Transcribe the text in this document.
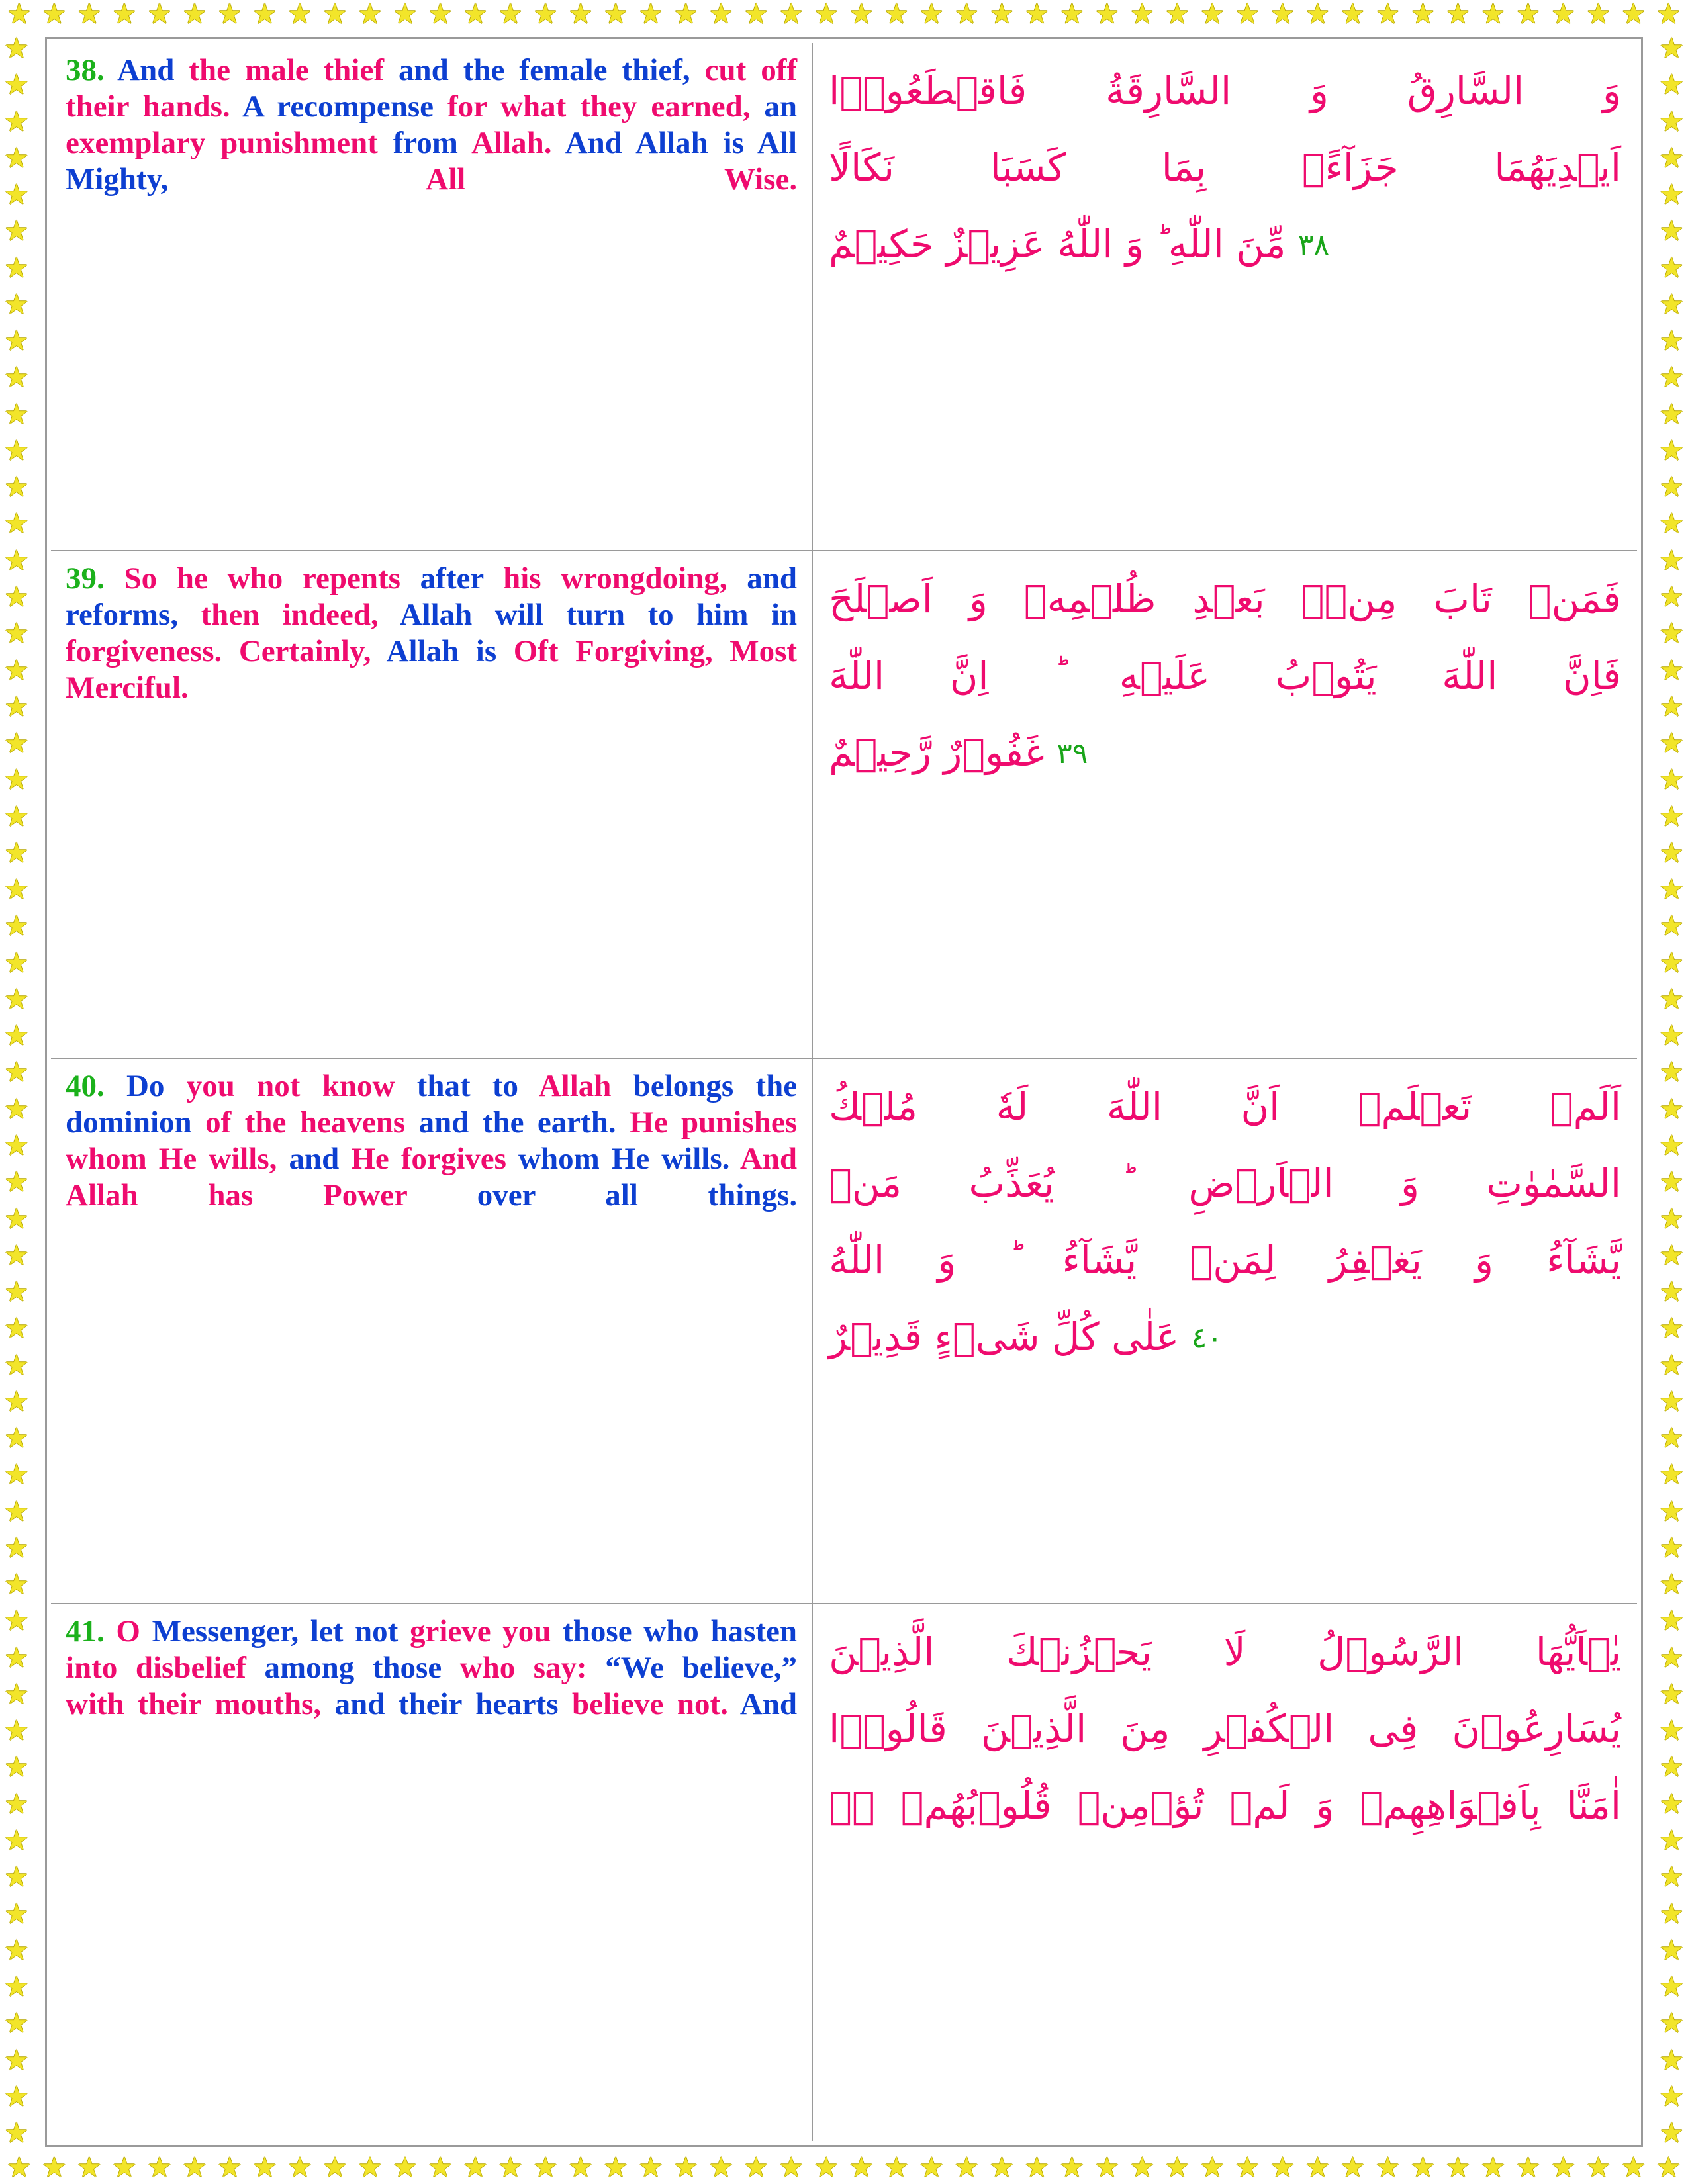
★ ★ ★ ★ ★ ★ ★ ★ ★ ★ ★ ★ ★ ★ ★ ★ ★ ★ ★ ★ ★ ★ ★ ★ ★ ★ ★ ★ ★ ★ ★ ★ ★ ★ ★ ★ ★ ★ ★ ★ ★ ★ ★ ★ ★ ★ ★ ★
★ ★ ★ ★ ★ ★ ★ ★ ★ ★ ★ ★ ★ ★ ★ ★ ★ ★ ★ ★ ★ ★ ★ ★ ★ ★ ★ ★ ★ ★ ★ ★ ★ ★ ★ ★ ★ ★ ★ ★ ★ ★ ★ ★ ★ ★ ★ ★
★
★
★
★
★
★
★
★
★
★
★
★
★
★
★
★
★
★
★
★
★
★
★
★
★
★
★
★
★
★
★
★
★
★
★
★
★
★
★
★
★
★
★
★
★
★
★
★
★
★
★
★
★
★
★
★
★
★
★
★
★
★
★
★
★
★
★
★
★
★
★
★
★
★
★
★
★
★
★
★
★
★
★
★
★
★
★
★
★
★
★
★
★
★
★
★
★
★
★
★
★
★
★
★
★
★
★
★
★
★
★
★
★
★
★
★
38. And the male thief and the female thief, cut off their hands. A recompense for what they earned, an exemplary punishment from Allah. And Allah is All Mighty, All Wise.	وَ السَّارِقُ وَ السَّارِقَةُ فَاقۡطَعُوۡۤا
اَیۡدِیَهُمَا جَزَآءًۢ بِمَا كَسَبَا نَكَالًا
٣٨ مِّنَ اللّٰهِ ؕ وَ اللّٰهُ عَزِیۡزٌ حَكِیۡمٌ

39. So he who repents after his wrongdoing, and reforms, then indeed, Allah will turn to him in forgiveness. Certainly, Allah is Oft Forgiving, Most Merciful.	فَمَنۡ تَابَ مِنۡۢ بَعۡدِ ظُلۡمِهٖ وَ اَصۡلَحَ
فَاِنَّ اللّٰهَ یَتُوۡبُ عَلَیۡهِ ؕ اِنَّ اللّٰهَ
٣٩ غَفُوۡرٌ رَّحِیۡمٌ

40. Do you not know that to Allah belongs the dominion of the heavens and the earth. He punishes whom He wills, and He forgives whom He wills. And Allah has Power over all things.	اَلَمۡ تَعۡلَمۡ اَنَّ اللّٰهَ لَهٗ مُلۡكُ
السَّمٰوٰتِ وَ الۡاَرۡضِ ؕ یُعَذِّبُ مَنۡ
یَّشَآءُ وَ یَغۡفِرُ لِمَنۡ یَّشَآءُ ؕ وَ اللّٰهُ
٤٠ عَلٰی كُلِّ شَیۡءٍ قَدِیۡرٌ

41. O Messenger, let not grieve you those who hasten into disbelief among those who say: “We believe,” with their mouths, and their hearts believe not. And	یٰۤاَیُّهَا الرَّسُوۡلُ لَا یَحۡزُنۡكَ الَّذِیۡنَ
یُسَارِعُوۡنَ فِی الۡكُفۡرِ مِنَ الَّذِیۡنَ قَالُوۡۤا
اٰمَنَّا بِاَفۡوَاهِهِمۡ وَ لَمۡ تُؤۡمِنۡ قُلُوۡبُهُمۡ ۛۚ
